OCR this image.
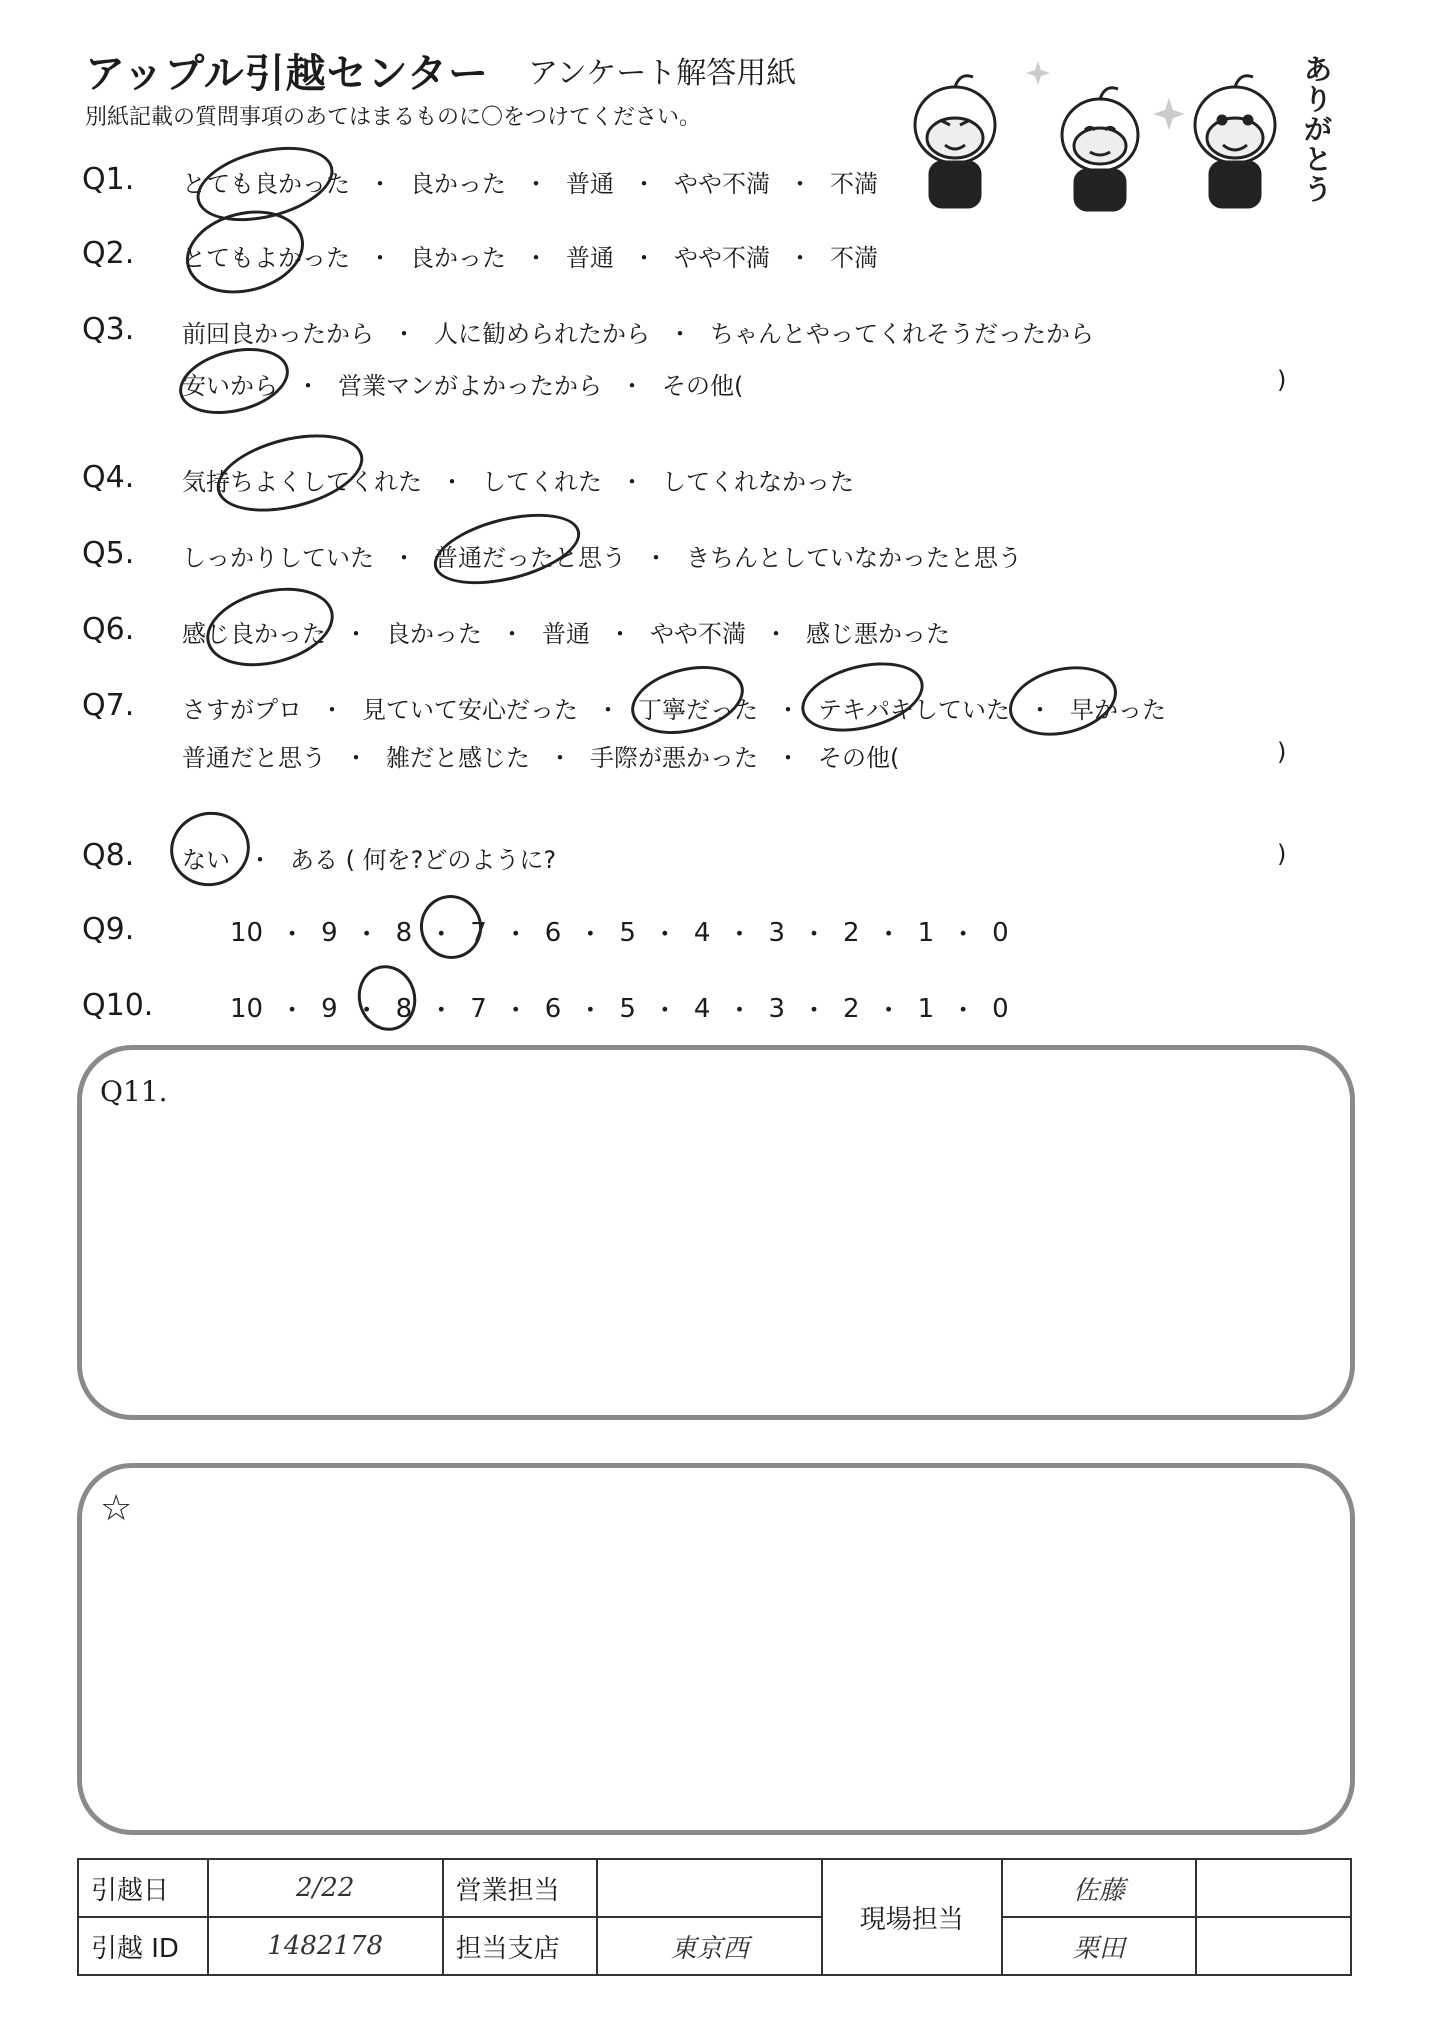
アップル引越センター アンケート解答用紙
別紙記載の質問事項のあてはまるものに〇をつけてください。
ありがとう
Q1. とても良かった ・ 良かった ・ 普通 ・ やや不満 ・ 不満
Q2. とてもよかった ・ 良かった ・ 普通 ・ やや不満 ・ 不満
Q3. 前回良かったから ・ 人に勧められたから ・ ちゃんとやってくれそうだったから
安いから ・ 営業マンがよかったから ・ その他(	)
Q4. 気持ちよくしてくれた ・ してくれた ・ してくれなかった
Q5. しっかりしていた ・ 普通だったと思う ・ きちんとしていなかったと思う
Q6. 感じ良かった ・ 良かった ・ 普通 ・ やや不満 ・ 感じ悪かった
Q7. さすがプロ ・ 見ていて安心だった ・ 丁寧だった ・ テキパキしていた ・ 早かった
普通だと思う ・ 雑だと感じた ・ 手際が悪かった ・ その他(	)
Q8. ない ・ ある ( 何を?どのように?	)
Q9.	10 ・ 9 ・ 8 ・ 7 ・ 6 ・ 5 ・ 4 ・ 3 ・ 2 ・ 1 ・ 0
Q10.	10 ・ 9 ・ 8 ・ 7 ・ 6 ・ 5 ・ 4 ・ 3 ・ 2 ・ 1 ・ 0
Q11.
☆
引越日	2/22	営業担当		現場担当	佐藤	
引越 ID	1482178	担当支店	東京西		栗田	
